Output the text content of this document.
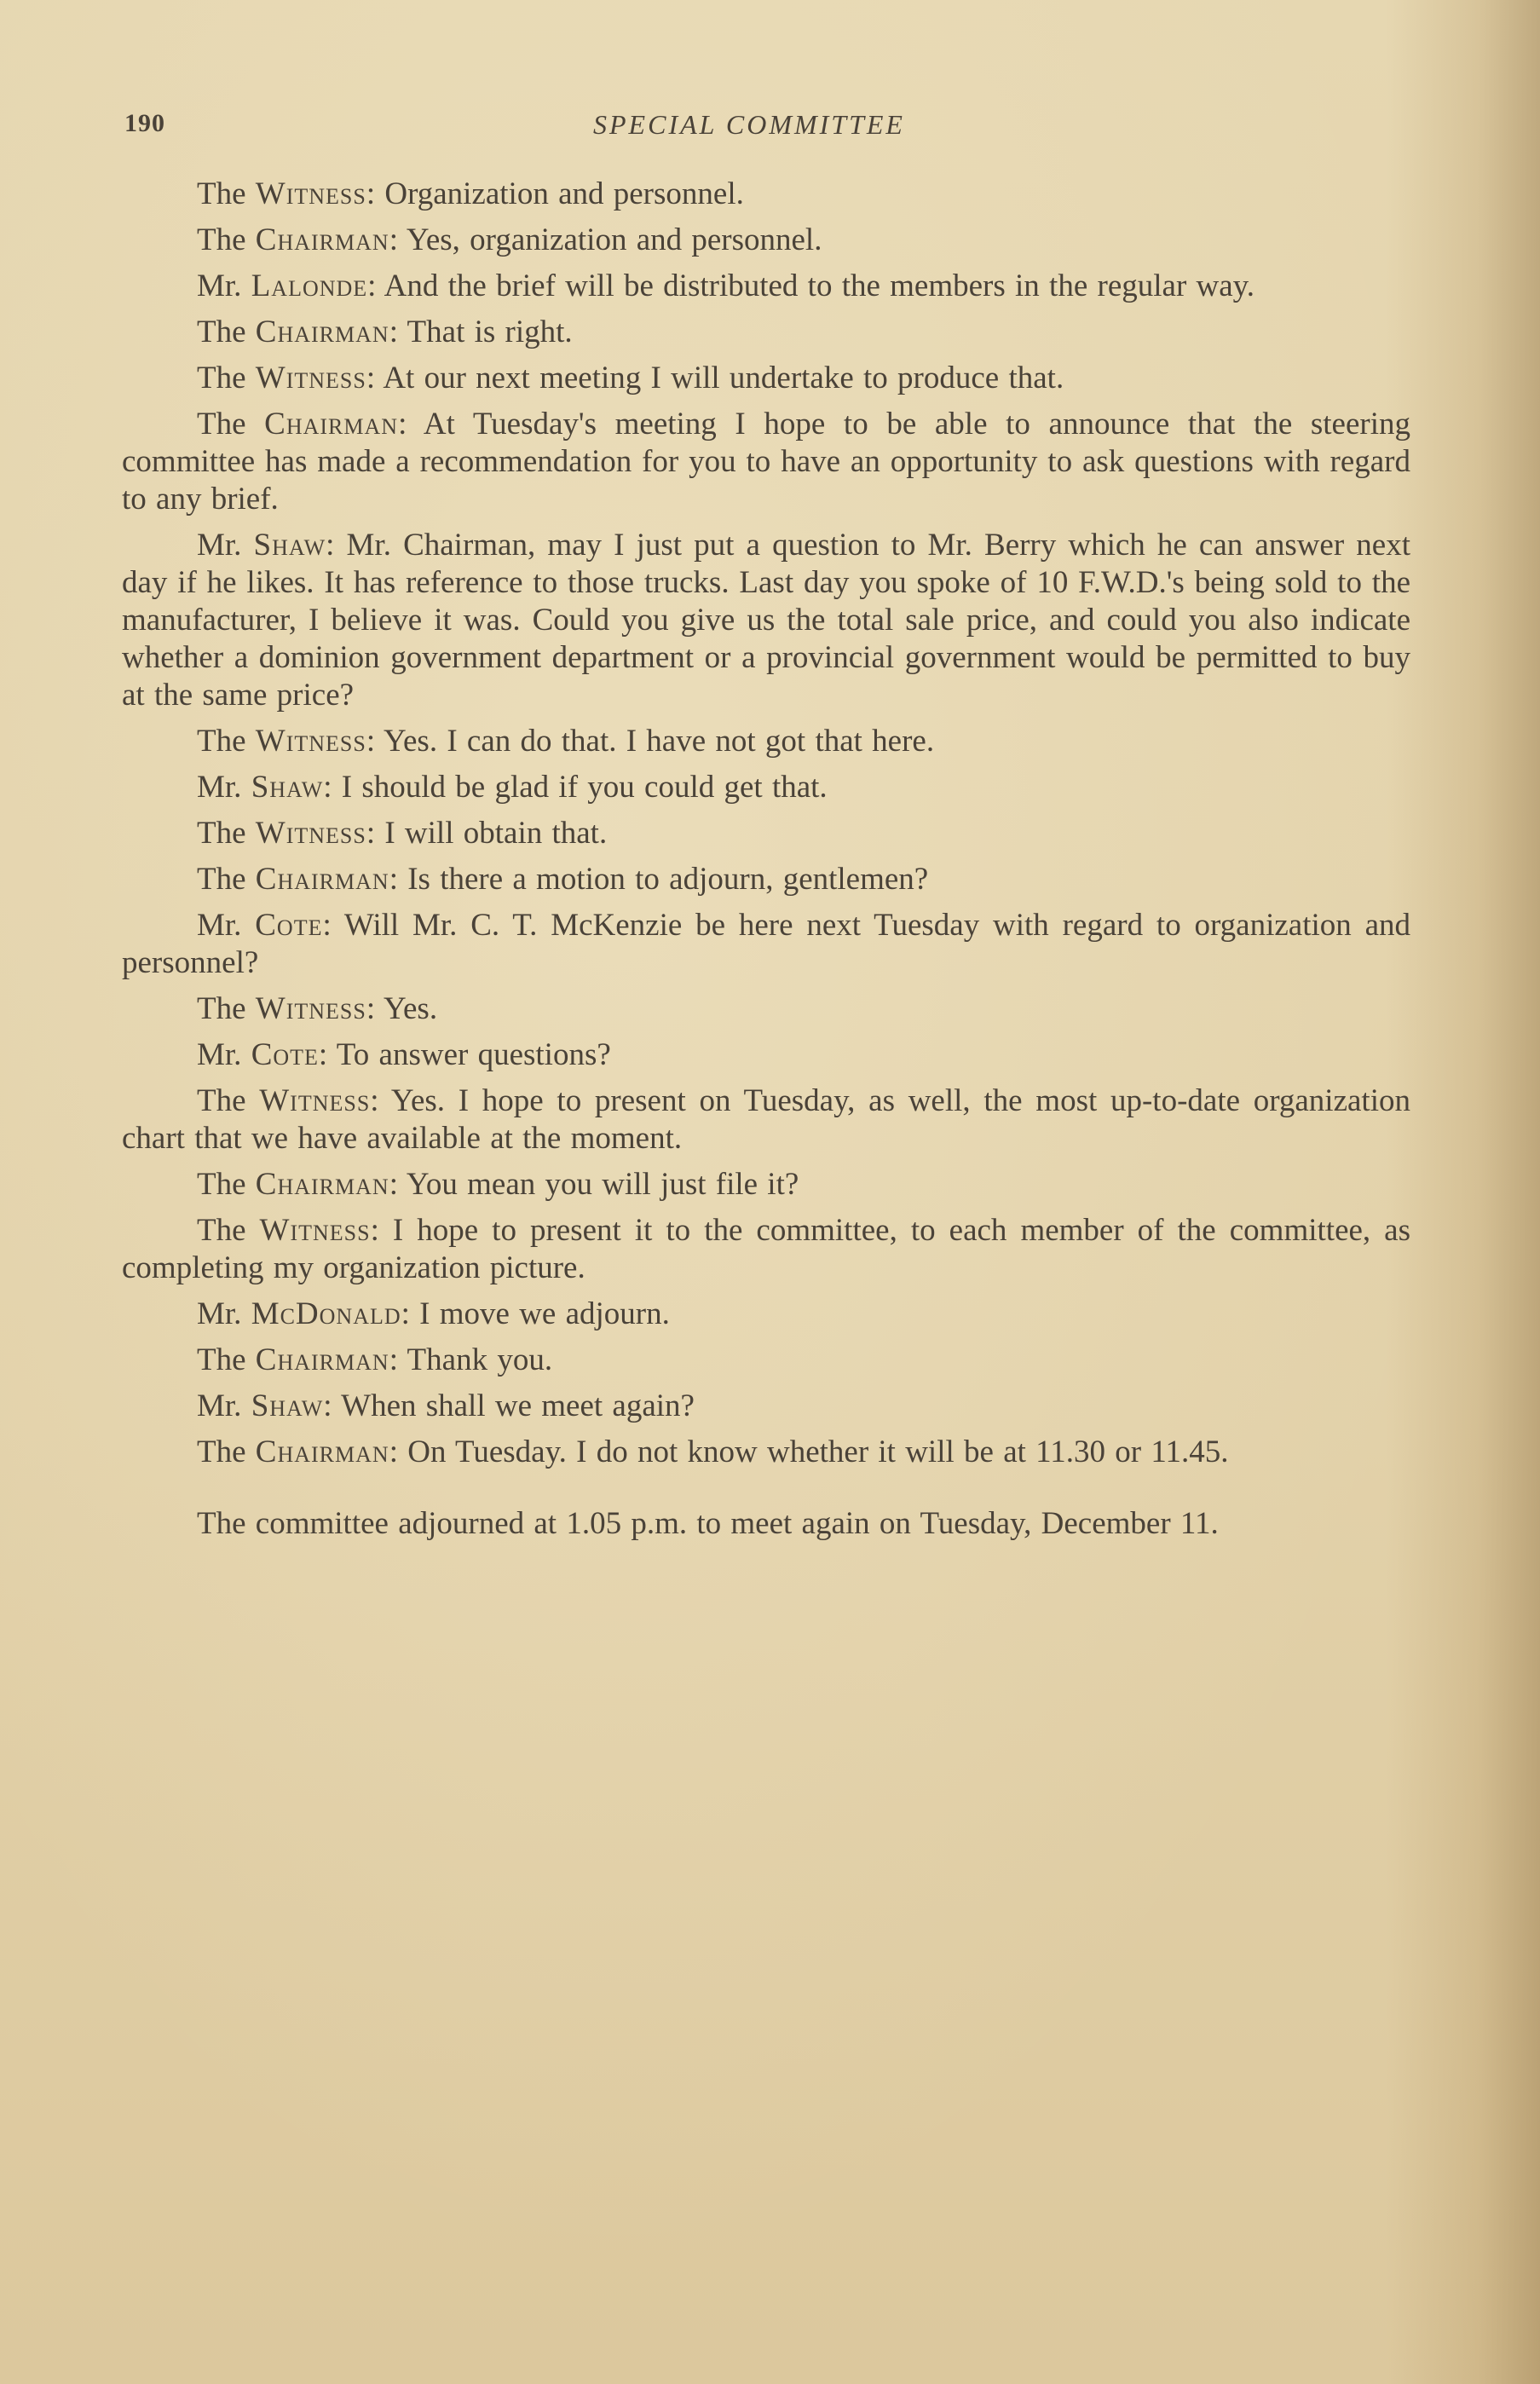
190	SPECIAL COMMITTEE

The Witness: Organization and personnel.

The Chairman: Yes, organization and personnel.

Mr. Lalonde: And the brief will be distributed to the members in the regular way.

The Chairman: That is right.

The Witness: At our next meeting I will undertake to produce that.

The Chairman: At Tuesday's meeting I hope to be able to announce that the steering committee has made a recommendation for you to have an opportunity to ask questions with regard to any brief.

Mr. Shaw: Mr. Chairman, may I just put a question to Mr. Berry which he can answer next day if he likes. It has reference to those trucks. Last day you spoke of 10 F.W.D.'s being sold to the manufacturer, I believe it was. Could you give us the total sale price, and could you also indicate whether a dominion government department or a provincial government would be permitted to buy at the same price?

The Witness: Yes. I can do that. I have not got that here.

Mr. Shaw: I should be glad if you could get that.

The Witness: I will obtain that.

The Chairman: Is there a motion to adjourn, gentlemen?

Mr. Cote: Will Mr. C. T. McKenzie be here next Tuesday with regard to organization and personnel?

The Witness: Yes.

Mr. Cote: To answer questions?

The Witness: Yes. I hope to present on Tuesday, as well, the most up-to-date organization chart that we have available at the moment.

The Chairman: You mean you will just file it?

The Witness: I hope to present it to the committee, to each member of the committee, as completing my organization picture.

Mr. McDonald: I move we adjourn.

The Chairman: Thank you.

Mr. Shaw: When shall we meet again?

The Chairman: On Tuesday. I do not know whether it will be at 11.30 or 11.45.

The committee adjourned at 1.05 p.m. to meet again on Tuesday, December 11.
